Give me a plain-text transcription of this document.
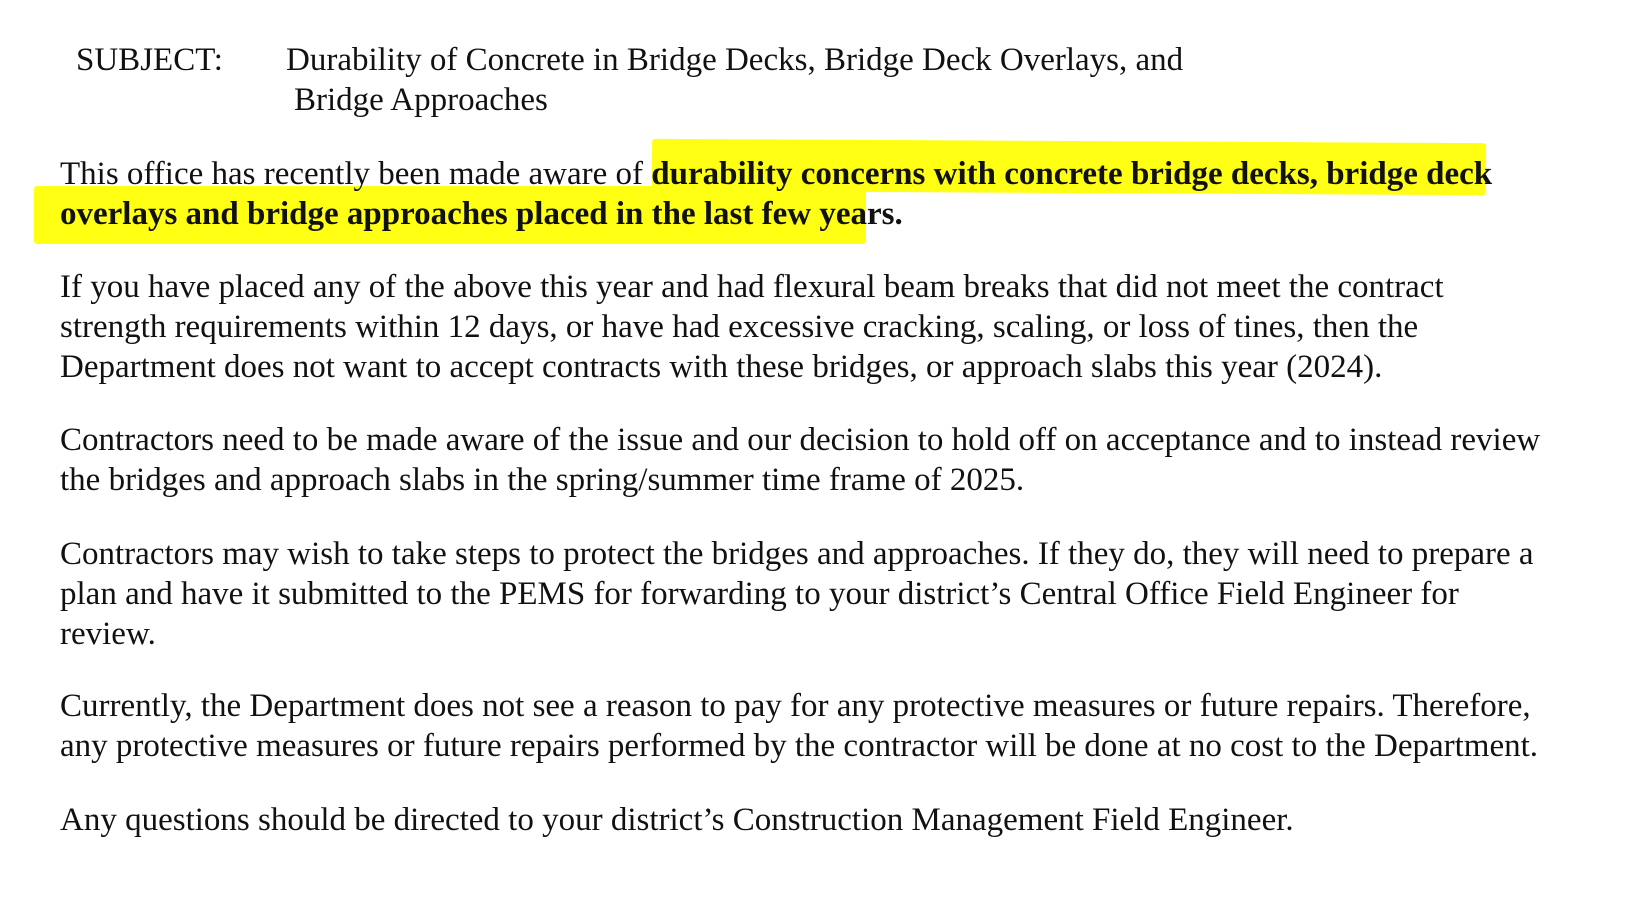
SUBJECT: Durability of Concrete in Bridge Decks, Bridge Deck Overlays, and
Bridge Approaches
This office has recently been made aware of durability concerns with concrete bridge decks, bridge deck
overlays and bridge approaches placed in the last few years.
If you have placed any of the above this year and had flexural beam breaks that did not meet the contract
strength requirements within 12 days, or have had excessive cracking, scaling, or loss of tines, then the
Department does not want to accept contracts with these bridges, or approach slabs this year (2024).
Contractors need to be made aware of the issue and our decision to hold off on acceptance and to instead review
the bridges and approach slabs in the spring/summer time frame of 2025.
Contractors may wish to take steps to protect the bridges and approaches. If they do, they will need to prepare a
plan and have it submitted to the PEMS for forwarding to your district’s Central Office Field Engineer for
review.
Currently, the Department does not see a reason to pay for any protective measures or future repairs. Therefore,
any protective measures or future repairs performed by the contractor will be done at no cost to the Department.
Any questions should be directed to your district’s Construction Management Field Engineer.
